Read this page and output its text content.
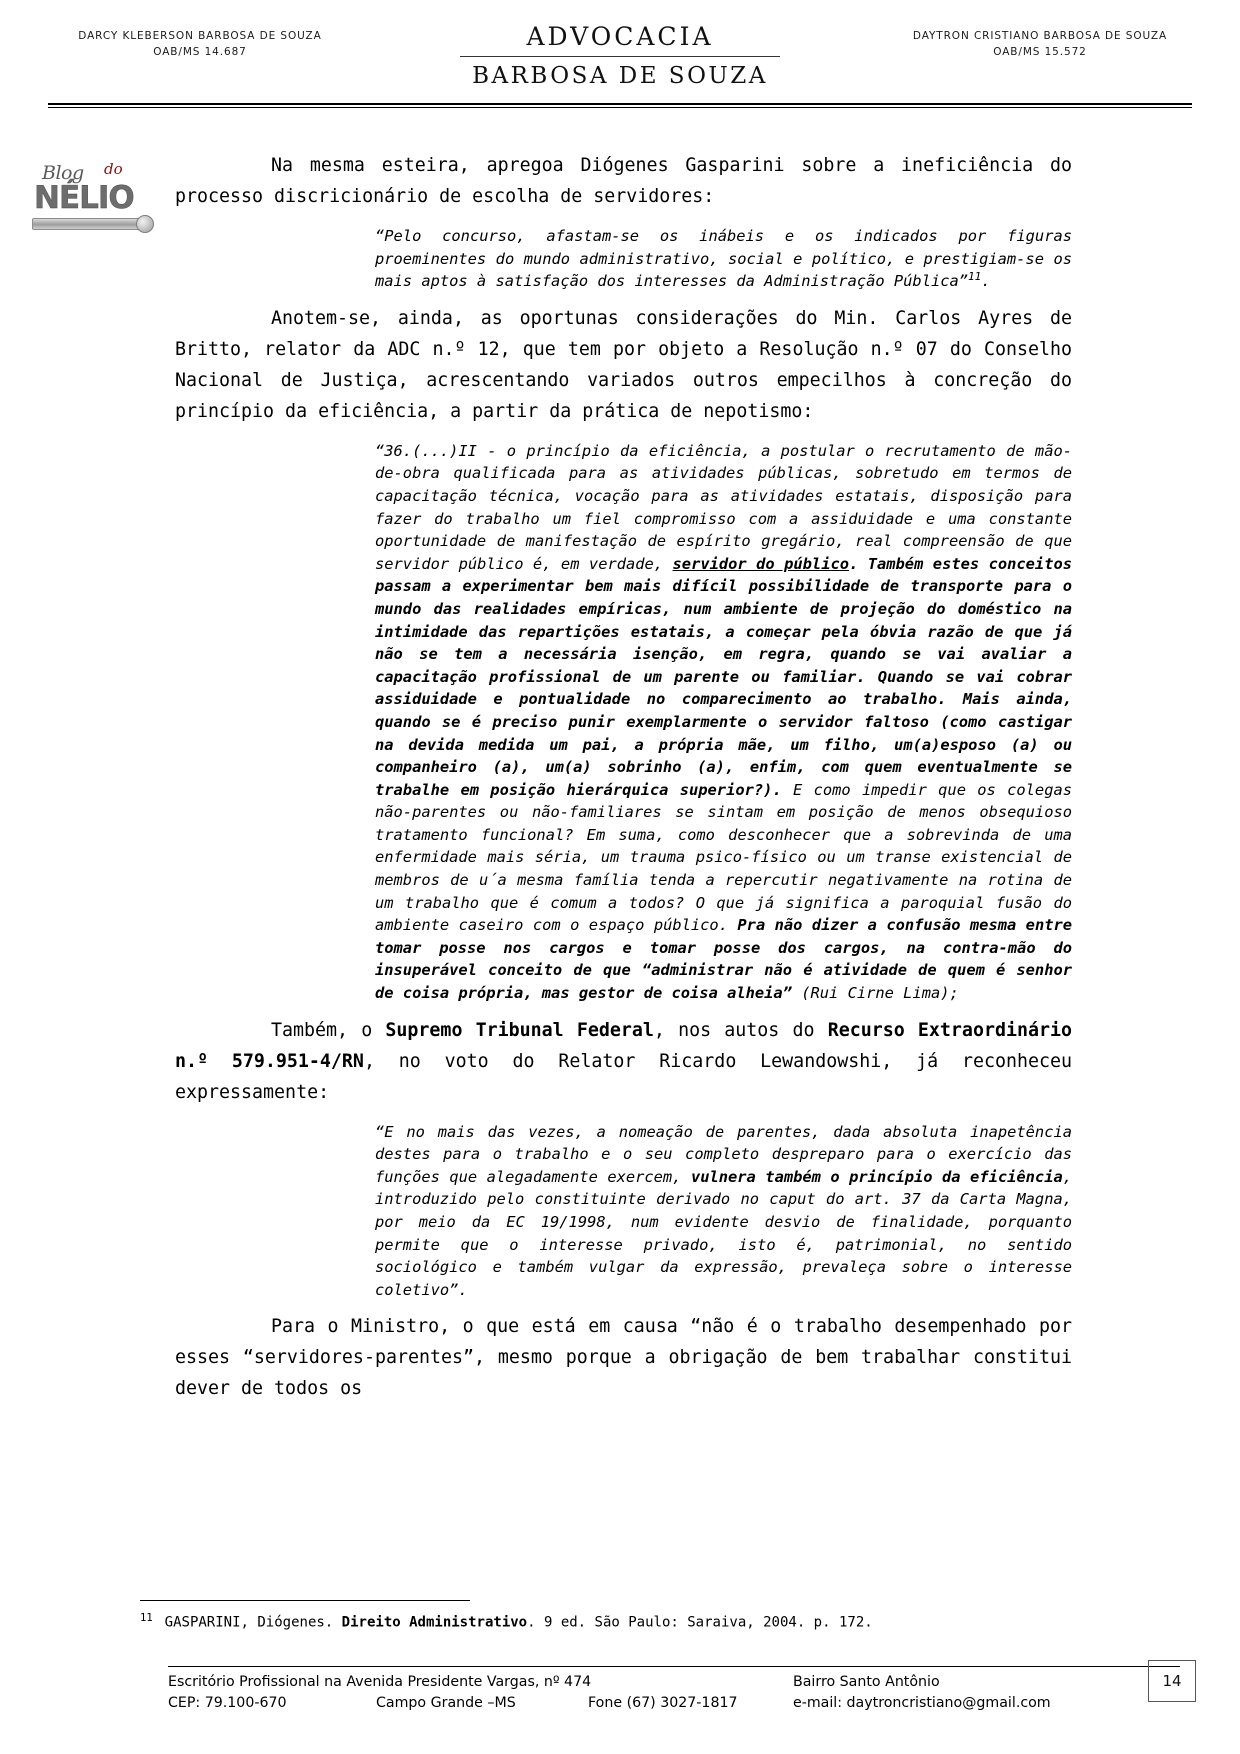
DARCY KLEBERSON BARBOSA DE SOUZA
OAB/MS 14.687
ADVOCACIA
BARBOSA DE SOUZA
DAYTRON CRISTIANO BARBOSA DE SOUZA
OAB/MS 15.572
Blog do
NÉLIO

Na mesma esteira, apregoa Diógenes Gasparini sobre a ineficiência do processo discricionário de escolha de servidores:

“Pelo concurso, afastam-se os inábeis e os indicados por figuras proeminentes do mundo administrativo, social e político, e prestigiam-se os mais aptos à satisfação dos interesses da Administração Pública”$^{11}$.

Anotem-se, ainda, as oportunas considerações do Min. Carlos Ayres de Britto, relator da ADC n.º 12, que tem por objeto a Resolução n.º 07 do Conselho Nacional de Justiça, acrescentando variados outros empecilhos à concreção do princípio da eficiência, a partir da prática de nepotismo:

“36.(...)II - o princípio da eficiência, a postular o recrutamento de mão-de-obra qualificada para as atividades públicas, sobretudo em termos de capacitação técnica, vocação para as atividades estatais, disposição para fazer do trabalho um fiel compromisso com a assiduidade e uma constante oportunidade de manifestação de espírito gregário, real compreensão de que servidor público é, em verdade, servidor do público. Também estes conceitos passam a experimentar bem mais difícil possibilidade de transporte para o mundo das realidades empíricas, num ambiente de projeção do doméstico na intimidade das repartições estatais, a começar pela óbvia razão de que já não se tem a necessária isenção, em regra, quando se vai avaliar a capacitação profissional de um parente ou familiar. Quando se vai cobrar assiduidade e pontualidade no comparecimento ao trabalho. Mais ainda, quando se é preciso punir exemplarmente o servidor faltoso (como castigar na devida medida um pai, a própria mãe, um filho, um(a)esposo (a) ou companheiro (a), um(a) sobrinho (a), enfim, com quem eventualmente se trabalhe em posição hierárquica superior?). E como impedir que os colegas não-parentes ou não-familiares se sintam em posição de menos obsequioso tratamento funcional? Em suma, como desconhecer que a sobrevinda de uma enfermidade mais séria, um trauma psico-físico ou um transe existencial de membros de u´a mesma família tenda a repercutir negativamente na rotina de um trabalho que é comum a todos? O que já significa a paroquial fusão do ambiente caseiro com o espaço público. Pra não dizer a confusão mesma entre tomar posse nos cargos e tomar posse dos cargos, na contra-mão do insuperável conceito de que “administrar não é atividade de quem é senhor de coisa própria, mas gestor de coisa alheia” (Rui Cirne Lima);

Também, o Supremo Tribunal Federal, nos autos do Recurso Extraordinário n.º 579.951-4/RN, no voto do Relator Ricardo Lewandowshi, já reconheceu expressamente:

“E no mais das vezes, a nomeação de parentes, dada absoluta inapetência destes para o trabalho e o seu completo despreparo para o exercício das funções que alegadamente exercem, vulnera também o princípio da eficiência, introduzido pelo constituinte derivado no caput do art. 37 da Carta Magna, por meio da EC 19/1998, num evidente desvio de finalidade, porquanto permite que o interesse privado, isto é, patrimonial, no sentido sociológico e também vulgar da expressão, prevaleça sobre o interesse coletivo”.

Para o Ministro, o que está em causa “não é o trabalho desempenhado por esses “servidores-parentes”, mesmo porque a obrigação de bem trabalhar constitui dever de todos os

$^{11}$ GASPARINI, Diógenes. Direito Administrativo. 9 ed. São Paulo: Saraiva, 2004. p. 172.
Escritório Profissional na Avenida Presidente Vargas, nº 474	Bairro Santo Antônio
CEP: 79.100-670	Campo Grande –MS	Fone (67) 3027-1817	e-mail: daytroncristiano@gmail.com
14
